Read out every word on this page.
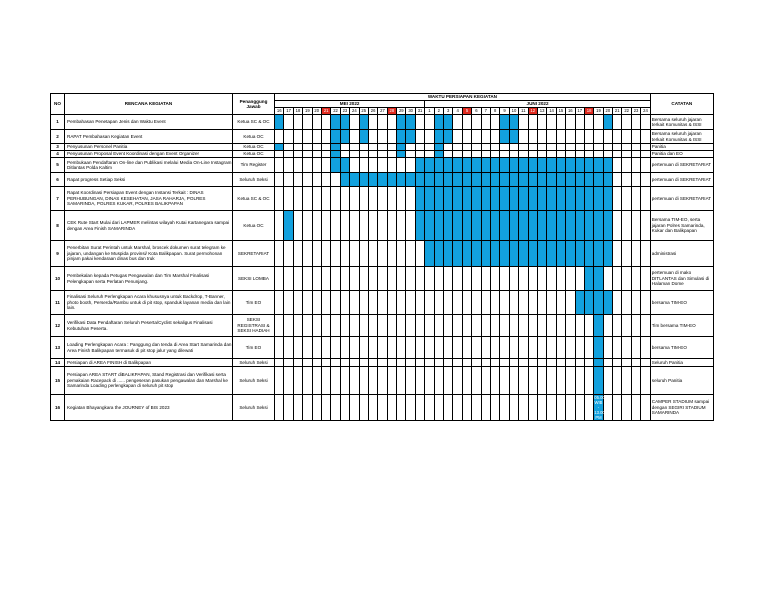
NO	RENCANA KEGIATAN	Penanggung Jawab	WAKTU PERSIAPAN KEGIATAN																																								CATATAN
			MEI 2022																JUNI 2022																								
			16	17	18	19	20	21	22	23	24	25	26	27	28	29	30	31	1	2	3	4	5	6	7	8	9	10	11	12	13	14	15	16	17	18	19	20	21	22	23	24	
1	Pembahasan Penetapan Jenis dan Waktu Event	Ketua SC & OC																																									Bersama seluruh jajaran terkait Komunitas & ISSI
2	RAPAT Pembahasan Kegiatan Event	Ketua OC																																									Bersama seluruh jajaran terkait Komunitas & ISSI
3	Penyusunan Personel Panitia	Ketua OC																																									Panitia
4	Penyusunan Proposal Event Koordinasi dengan Event Organizer	Ketua OC																																									Panitia dan EO
5	Pembukaan Pendaftaran On-line dan Publikasi melalui Media On-Line Instagram Ditlantas Polda Kaltim	Tim Register																																									pertemuan di SEKRETARIAT
6	Rapat progress Setiap Seksi	Seluruh Seksi																																									pertemuan di SEKRETARIAT
7	Rapat Koordinasi Persiapan Event dengan Instansi Terkait : DINAS PERHUBUNGAN, DINAS KESEHATAN, JASA RAHARJA, POLRES SAMARINDA, POLRES KUKAR, POLRES BALIKPAPAN	Ketua SC & OC																																									pertemuan di SEKRETARIAT
8	CEK Rute Start Mulai dari LAPMER melintas wilayah Kutai Kartanegara sampai dengan Area Finish SAMARINDA	Ketua OC																																									Bersama TIM-EO, serta jajaran Polres Samarinda, Kukar dan Balikpapan
9	Penerbitan Surat Perintah untuk Marshal, broscek dokumen surat telegram ke jajaran, undangan ke Muspida provinsi/ Kota Balikpapan. Surat permohonan pinjam pakai kendaraan dinas bus dan truk	SEKRETARIAT																																									administrasi
10	Pembekalan kepada Petugas Pengawalan dan Tim Marshal Finalisasi Pelengkapan serta Perlatan Penunjang.	SEKSI LOMBA																																									pertemuan di mako DITLANTAS dan Simulasi di Halaman Dome
11	Finalisasi Seluruh Perlengkapan Acara khususnya untuk Backdrop, T-Banner, photo booth, Perserda/Rambu untuk di pit stop, spanduk layanan media dan lain lain.	Tim EO																																									bersama TIM-EO
12	Verifikasi Data Pendaftaran Seluruh Peserta/Cyclist sekaligus Finalisasi Kebutuhan Peserta.	SEKSI REGISTRASI & SEKSI HADIAH																																									Tim bersama TIM-EO
13	Loading Perlengkapan Acara : Panggung dan tenda di Area Start Samarinda dan Area Finish Balikpapan termasuk di pit stop jalur yang dilewati	Tim EO																																									bersama TIM-EO
14	Persiapan di AREA FINISH di Balikpapan	Seluruh Seksi																																									Seluruh Panitia
15	Persiapan AREA START diBALIKPAPAN, Stand Registrasi dan Verifikasi serta pemakaian Racepack di ...... pengeseran pasukan pengawalan dan Marshal ke Samarinda Loading perlengkapan di seluruh pit stop	Seluruh Seksi																																									seluruh Panitia
16	Kegiatan Bhayangkara the JOURNEY of BIS 2023	Seluruh Seksi																																			05.00 WIB - 13.00 PM						CAMPER STADIUM sampai dengan SEGIRI STADIUM SAMARINDA
